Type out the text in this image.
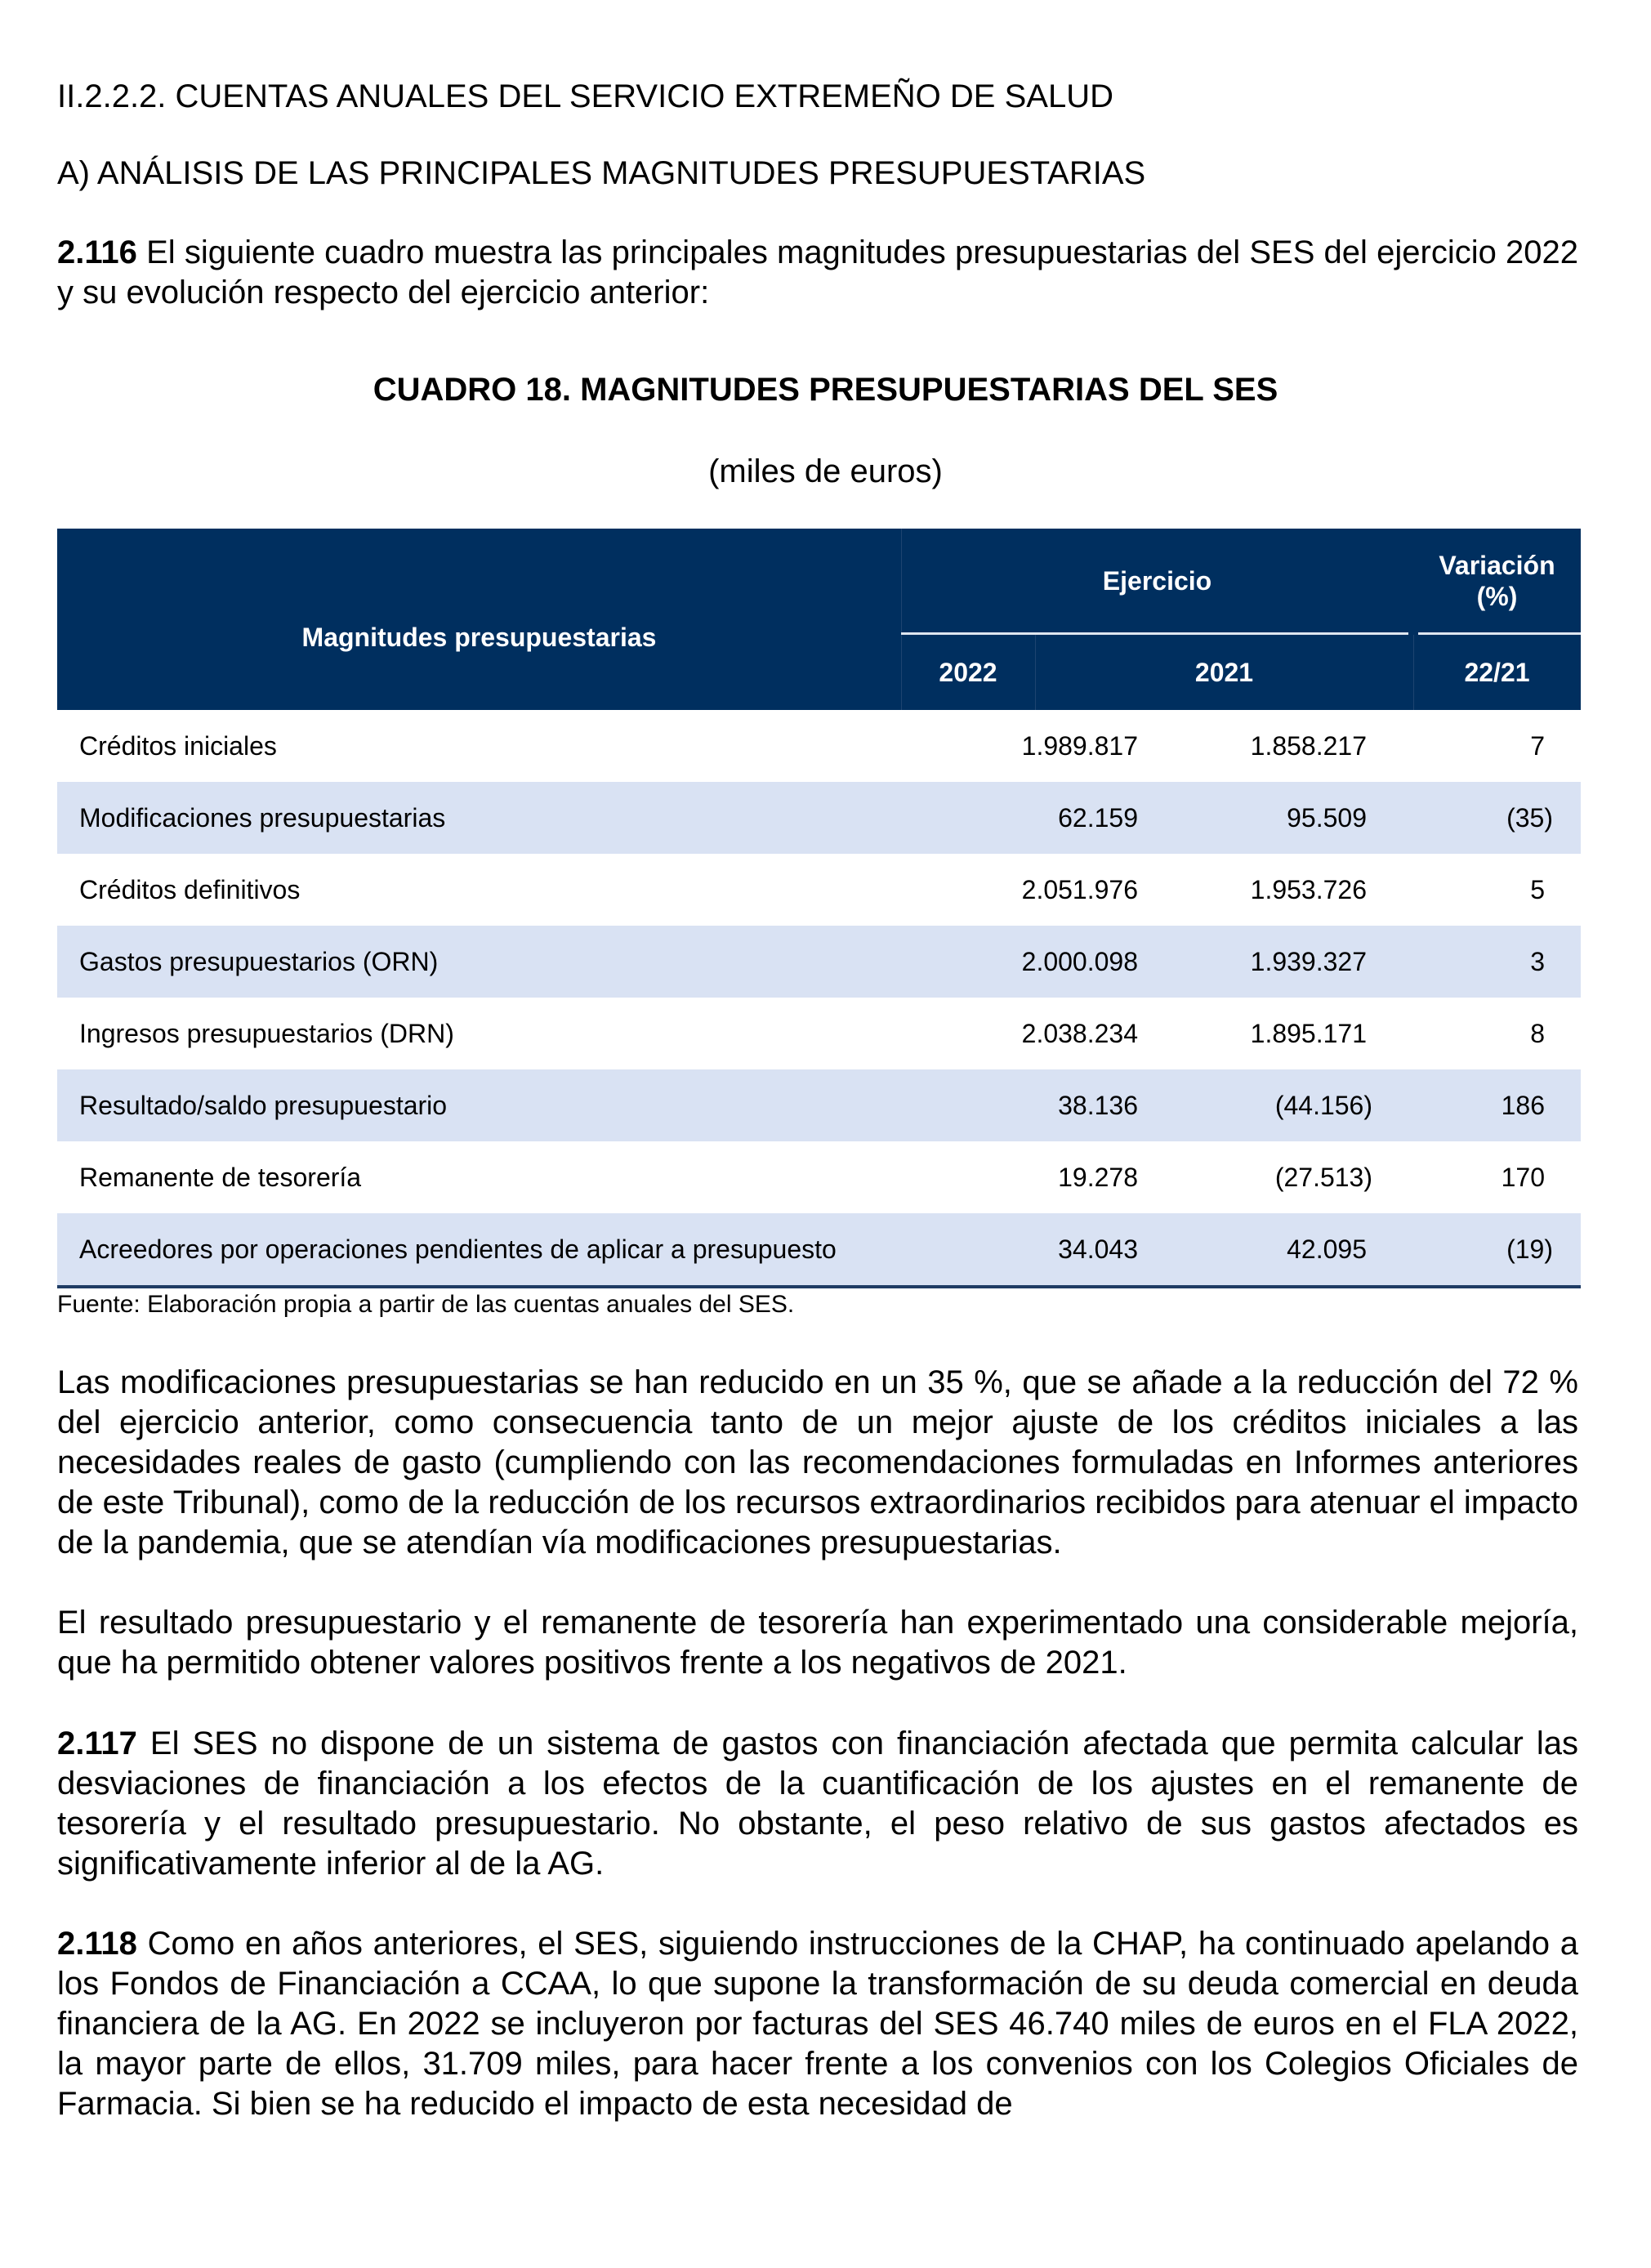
II.2.2.2. CUENTAS ANUALES DEL SERVICIO EXTREMEÑO DE SALUD
A) ANÁLISIS DE LAS PRINCIPALES MAGNITUDES PRESUPUESTARIAS
2.116 El siguiente cuadro muestra las principales magnitudes presupuestarias del SES del ejercicio 2022 y su evolución respecto del ejercicio anterior:
CUADRO 18. MAGNITUDES PRESUPUESTARIAS DEL SES
(miles de euros)
Magnitudes presupuestarias
Ejercicio
Variación (%)
2022	2021	22/21
Créditos iniciales	1.989.817	1.858.217	7
Modificaciones presupuestarias	62.159	95.509	(35)
Créditos definitivos	2.051.976	1.953.726	5
Gastos presupuestarios (ORN)	2.000.098	1.939.327	3
Ingresos presupuestarios (DRN)	2.038.234	1.895.171	8
Resultado/saldo presupuestario	38.136	(44.156)	186
Remanente de tesorería	19.278	(27.513)	170
Acreedores por operaciones pendientes de aplicar a presupuesto	34.043	42.095	(19)
Fuente: Elaboración propia a partir de las cuentas anuales del SES.
Las modificaciones presupuestarias se han reducido en un 35 %, que se añade a la reducción del 72 % del ejercicio anterior, como consecuencia tanto de un mejor ajuste de los créditos iniciales a las necesidades reales de gasto (cumpliendo con las recomendaciones formuladas en Informes anteriores de este Tribunal), como de la reducción de los recursos extraordinarios recibidos para atenuar el impacto de la pandemia, que se atendían vía modificaciones presupuestarias.
El resultado presupuestario y el remanente de tesorería han experimentado una considerable mejoría, que ha permitido obtener valores positivos frente a los negativos de 2021.
2.117 El SES no dispone de un sistema de gastos con financiación afectada que permita calcular las desviaciones de financiación a los efectos de la cuantificación de los ajustes en el remanente de tesorería y el resultado presupuestario. No obstante, el peso relativo de sus gastos afectados es significativamente inferior al de la AG.
2.118 Como en años anteriores, el SES, siguiendo instrucciones de la CHAP, ha continuado apelando a los Fondos de Financiación a CCAA, lo que supone la transformación de su deuda comercial en deuda financiera de la AG. En 2022 se incluyeron por facturas del SES 46.740 miles de euros en el FLA 2022, la mayor parte de ellos, 31.709 miles, para hacer frente a los convenios con los Colegios Oficiales de Farmacia. Si bien se ha reducido el impacto de esta necesidad de
